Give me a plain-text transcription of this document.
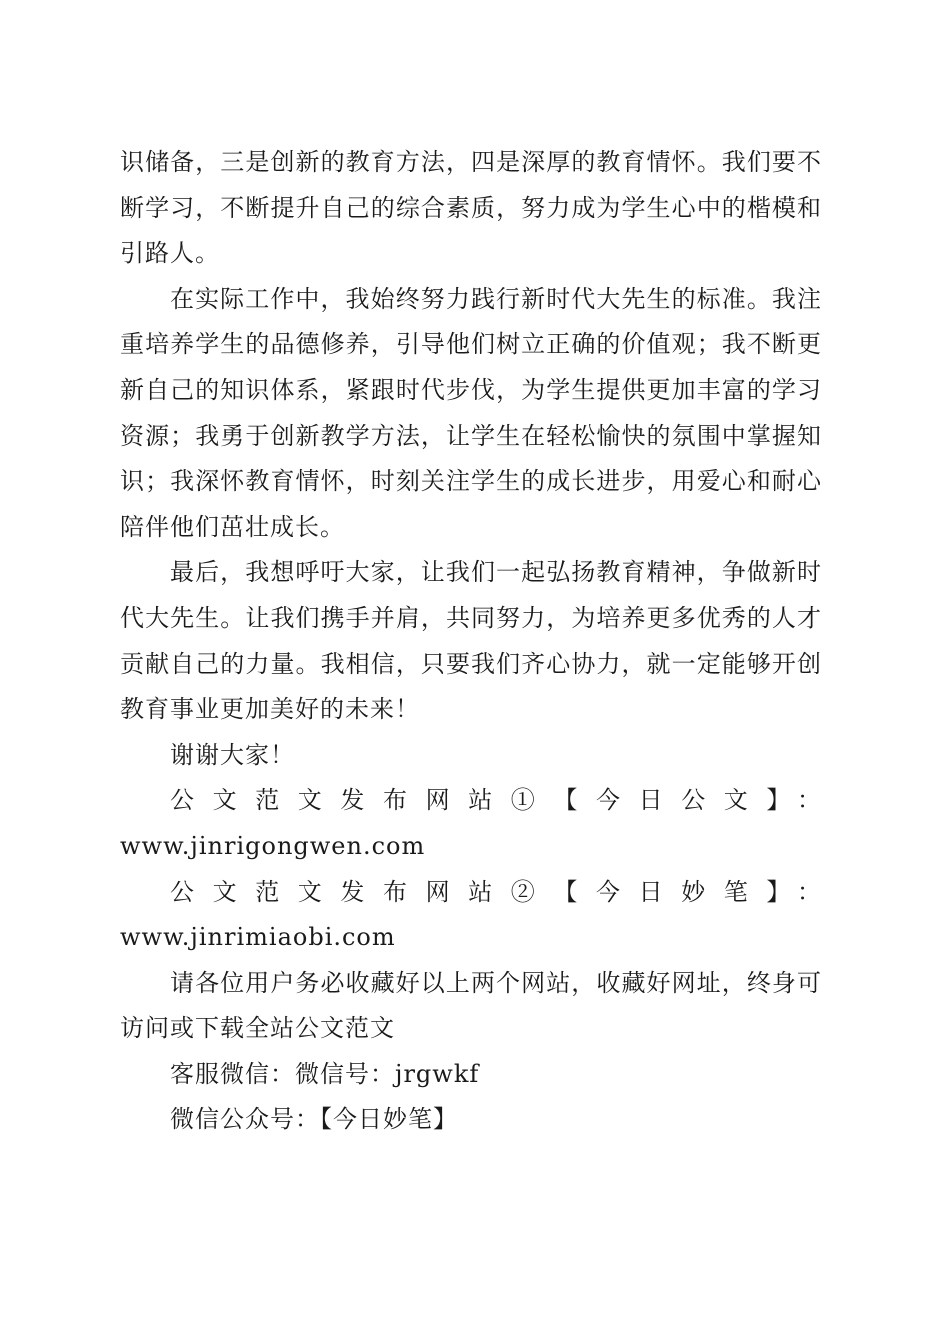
识储备，三是创新的教育方法，四是深厚的教育情怀。我们要不断学习，不断提升自己的综合素质，努力成为学生心中的楷模和引路人。

在实际工作中，我始终努力践行新时代大先生的标准。我注重培养学生的品德修养，引导他们树立正确的价值观；我不断更新自己的知识体系，紧跟时代步伐，为学生提供更加丰富的学习资源；我勇于创新教学方法，让学生在轻松愉快的氛围中掌握知识；我深怀教育情怀，时刻关注学生的成长进步，用爱心和耐心陪伴他们茁壮成长。

最后，我想呼吁大家，让我们一起弘扬教育精神，争做新时代大先生。让我们携手并肩，共同努力，为培养更多优秀的人才贡献自己的力量。我相信，只要我们齐心协力，就一定能够开创教育事业更加美好的未来！

谢谢大家！

公文范文发布网站①【今日公文】：

www.jinrigongwen.com

公文范文发布网站②【今日妙笔】：www.jinrimiaobi.com

请各位用户务必收藏好以上两个网站，收藏好网址，终身可访问或下载全站公文范文

客服微信：微信号：jrgwkf

微信公众号：【今日妙笔】
